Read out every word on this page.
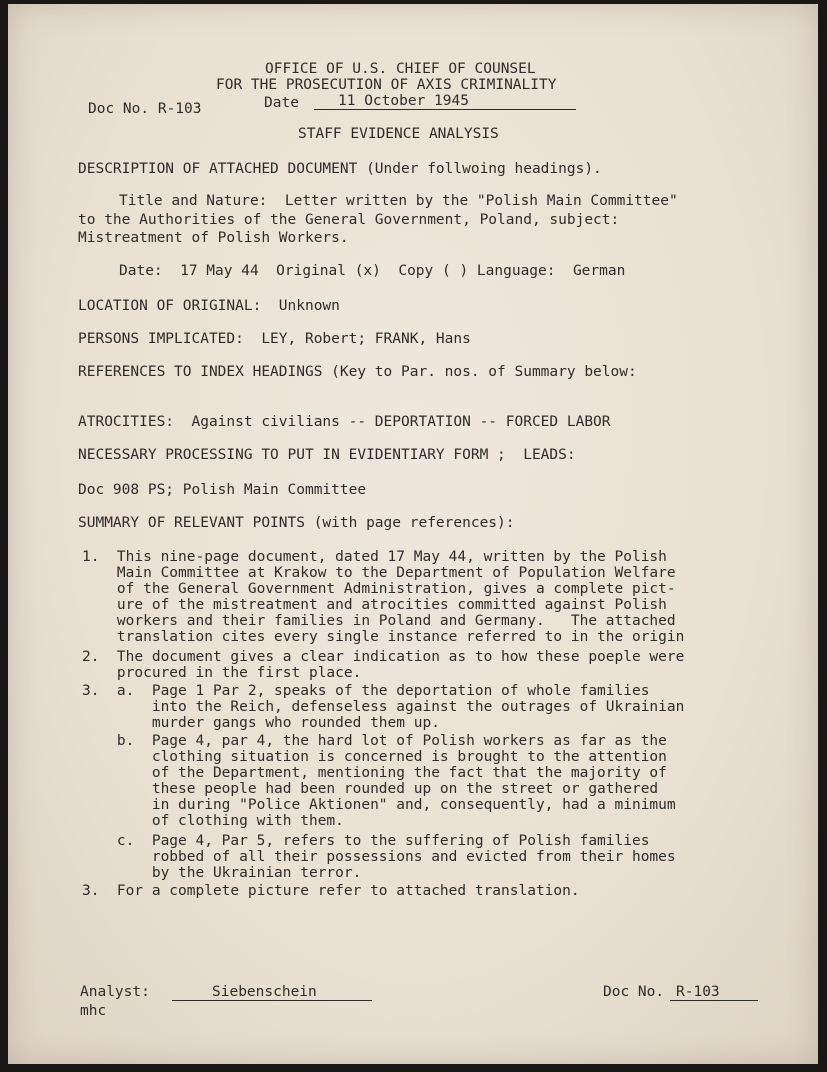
OFFICE OF U.S. CHIEF OF COUNSEL
FOR THE PROSECUTION OF AXIS CRIMINALITY
Doc No. R-103	Date	11 October 1945
STAFF EVIDENCE ANALYSIS
DESCRIPTION OF ATTACHED DOCUMENT (Under follwoing headings).
Title and Nature:  Letter written by the "Polish Main Committee"
to the Authorities of the General Government, Poland, subject:
Mistreatment of Polish Workers.
Date:  17 May 44  Original (x)  Copy ( ) Language:  German
LOCATION OF ORIGINAL:  Unknown
PERSONS IMPLICATED:  LEY, Robert; FRANK, Hans
REFERENCES TO INDEX HEADINGS (Key to Par. nos. of Summary below:
ATROCITIES:  Against civilians -- DEPORTATION -- FORCED LABOR
NECESSARY PROCESSING TO PUT IN EVIDENTIARY FORM ;  LEADS:
Doc 908 PS; Polish Main Committee
SUMMARY OF RELEVANT POINTS (with page references):
1.  This nine-page document, dated 17 May 44, written by the Polish
Main Committee at Krakow to the Department of Population Welfare
of the General Government Administration, gives a complete pict-
ure of the mistreatment and atrocities committed against Polish
workers and their families in Poland and Germany.   The attached
translation cites every single instance referred to in the origin
2.  The document gives a clear indication as to how these poeple were
procured in the first place.
3.  a.  Page 1 Par 2, speaks of the deportation of whole families
into the Reich, defenseless against the outrages of Ukrainian
murder gangs who rounded them up.
b.  Page 4, par 4, the hard lot of Polish workers as far as the
clothing situation is concerned is brought to the attention
of the Department, mentioning the fact that the majority of
these people had been rounded up on the street or gathered
in during "Police Aktionen" and, consequently, had a minimum
of clothing with them.
c.  Page 4, Par 5, refers to the suffering of Polish families
robbed of all their possessions and evicted from their homes
by the Ukrainian terror.
3.  For a complete picture refer to attached translation.
Analyst:	Siebenschein
mhc
Doc No. R-103
